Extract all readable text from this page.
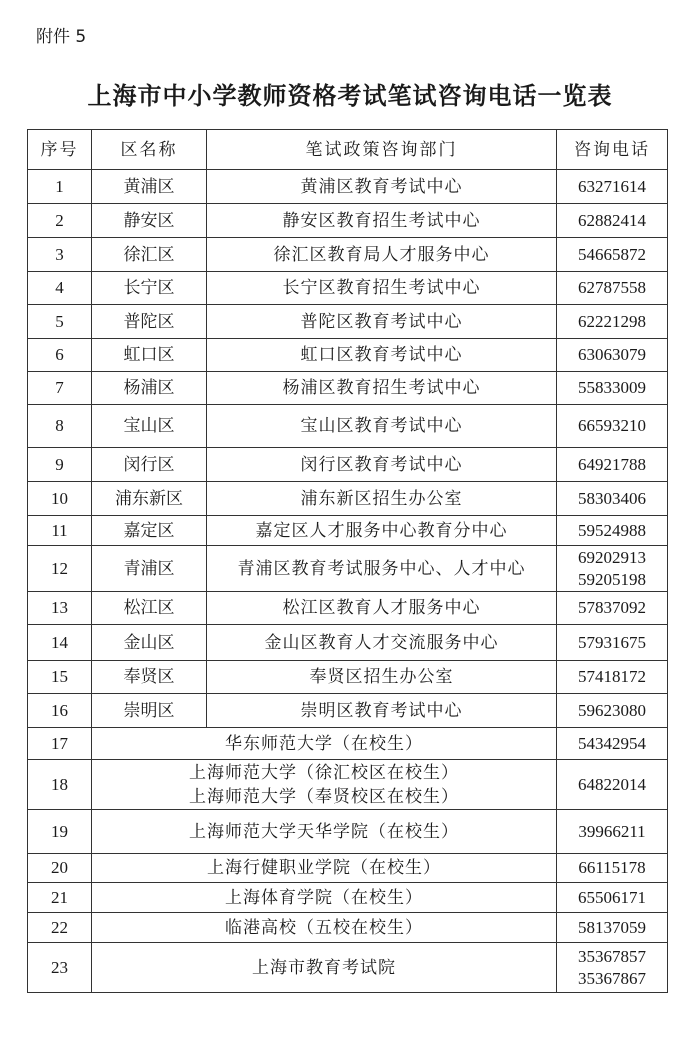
附件 5
上海市中小学教师资格考试笔试咨询电话一览表
序号	区名称	笔试政策咨询部门	咨询电话
1	黄浦区	黄浦区教育考试中心	63271614

2	静安区	静安区教育招生考试中心	62882414

3	徐汇区	徐汇区教育局人才服务中心	54665872

4	长宁区	长宁区教育招生考试中心	62787558

5	普陀区	普陀区教育考试中心	62221298

6	虹口区	虹口区教育考试中心	63063079

7	杨浦区	杨浦区教育招生考试中心	55833009

8	宝山区	宝山区教育考试中心	66593210

9	闵行区	闵行区教育考试中心	64921788

10	浦东新区	浦东新区招生办公室	58303406

11	嘉定区	嘉定区人才服务中心教育分中心	59524988

12	青浦区	青浦区教育考试服务中心、人才中心	69202913
59205198

13	松江区	松江区教育人才服务中心	57837092

14	金山区	金山区教育人才交流服务中心	57931675

15	奉贤区	奉贤区招生办公室	57418172

16	崇明区	崇明区教育考试中心	59623080

17	华东师范大学（在校生）		54342954

18	上海师范大学（徐汇校区在校生）
上海师范大学（奉贤校区在校生）		64822014

19	上海师范大学天华学院（在校生）		39966211

20	上海行健职业学院（在校生）		66115178

21	上海体育学院（在校生）		65506171

22	临港高校（五校在校生）		58137059

23	上海市教育考试院		35367857
35367867
